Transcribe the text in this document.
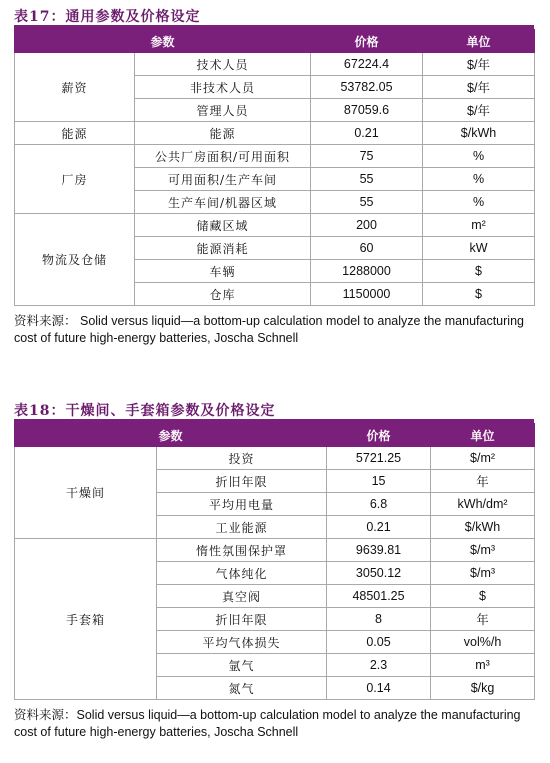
表17：通用参数及价格设定
参数		价格	单位
薪资	技术人员	67224.4	$/年
	非技术人员	53782.05	$/年
	管理人员	87059.6	$/年
能源	能源	0.21	$/kWh
厂房	公共厂房面积/可用面积	75	%
	可用面积/生产车间	55	%
	生产车间/机器区域	55	%
物流及仓储	储藏区域	200	m²
	能源消耗	60	kW
	车辆	1288000	$
	仓库	1150000	$
资料来源： Solid versus liquid—a bottom-up calculation model to analyze the manufacturing cost of future high-energy batteries, Joscha Schnell
表18：干燥间、手套箱参数及价格设定
参数		价格	单位
干燥间	投资	5721.25	$/m²
	折旧年限	15	年
	平均用电量	6.8	kWh/dm²
	工业能源	0.21	$/kWh
手套箱	惰性氛围保护罩	9639.81	$/m³
	气体纯化	3050.12	$/m³
	真空阀	48501.25	$
	折旧年限	8	年
	平均气体损失	0.05	vol%/h
	氩气	2.3	m³
	氮气	0.14	$/kg
资料来源：Solid versus liquid—a bottom-up calculation model to analyze the manufacturing cost of future high-energy batteries, Joscha Schnell
